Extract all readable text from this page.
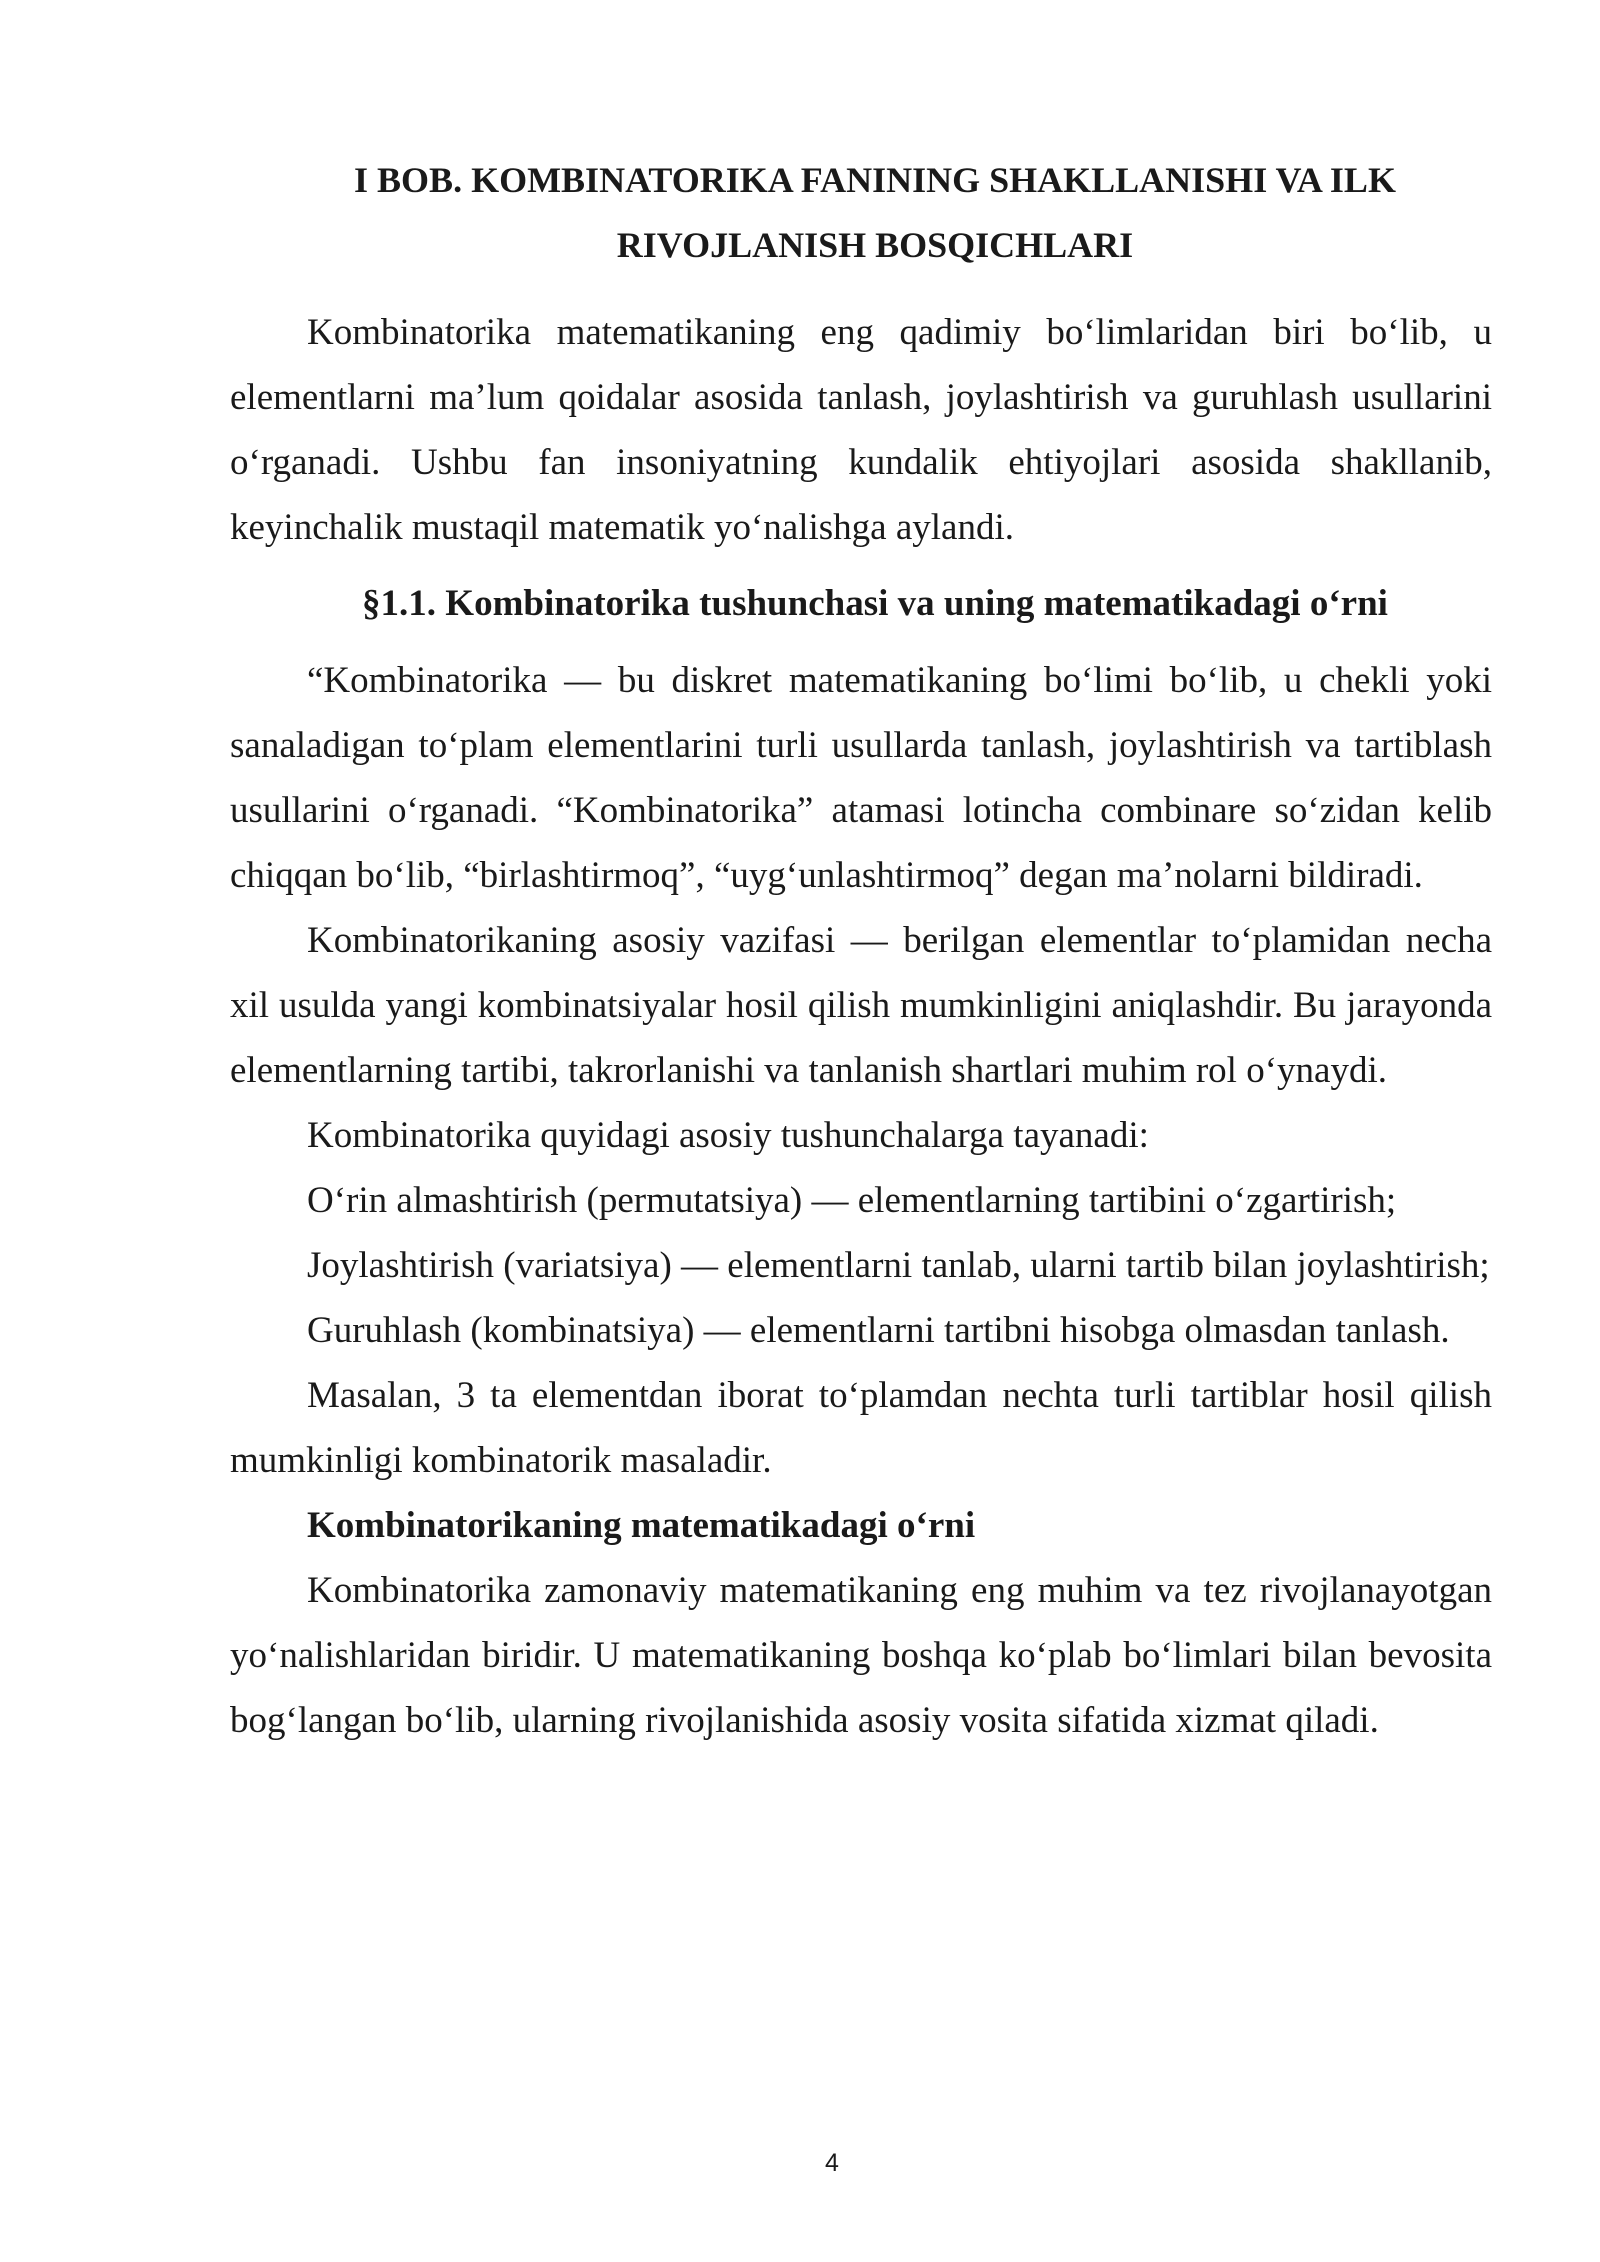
I BOB. KOMBINATORIKA FANINING SHAKLLANISHI VA ILK RIVOJLANISH BOSQICHLARI

Kombinatorika matematikaning eng qadimiy bo‘limlaridan biri bo‘lib, u elementlarni ma’lum qoidalar asosida tanlash, joylashtirish va guruhlash usullarini o‘rganadi. Ushbu fan insoniyatning kundalik ehtiyojlari asosida shakllanib, keyinchalik mustaqil matematik yo‘nalishga aylandi.

§1.1. Kombinatorika tushunchasi va uning matematikadagi o‘rni

“Kombinatorika — bu diskret matematikaning bo‘limi bo‘lib, u chekli yoki sanaladigan to‘plam elementlarini turli usullarda tanlash, joylashtirish va tartiblash usullarini o‘rganadi. “Kombinatorika” atamasi lotincha combinare so‘zidan kelib chiqqan bo‘lib, “birlashtirmoq”, “uyg‘unlashtirmoq” degan ma’nolarni bildiradi.

Kombinatorikaning asosiy vazifasi — berilgan elementlar to‘plamidan necha xil usulda yangi kombinatsiyalar hosil qilish mumkinligini aniqlashdir. Bu jarayonda elementlarning tartibi, takrorlanishi va tanlanish shartlari muhim rol o‘ynaydi.

Kombinatorika quyidagi asosiy tushunchalarga tayanadi:

O‘rin almashtirish (permutatsiya) — elementlarning tartibini o‘zgartirish;

Joylashtirish (variatsiya) — elementlarni tanlab, ularni tartib bilan joylashtirish;

Guruhlash (kombinatsiya) — elementlarni tartibni hisobga olmasdan tanlash.

Masalan, 3 ta elementdan iborat to‘plamdan nechta turli tartiblar hosil qilish mumkinligi kombinatorik masaladir.

Kombinatorikaning matematikadagi o‘rni

Kombinatorika zamonaviy matematikaning eng muhim va tez rivojlanayotgan yo‘nalishlaridan biridir. U matematikaning boshqa ko‘plab bo‘limlari bilan bevosita bog‘langan bo‘lib, ularning rivojlanishida asosiy vosita sifatida xizmat qiladi.

4
